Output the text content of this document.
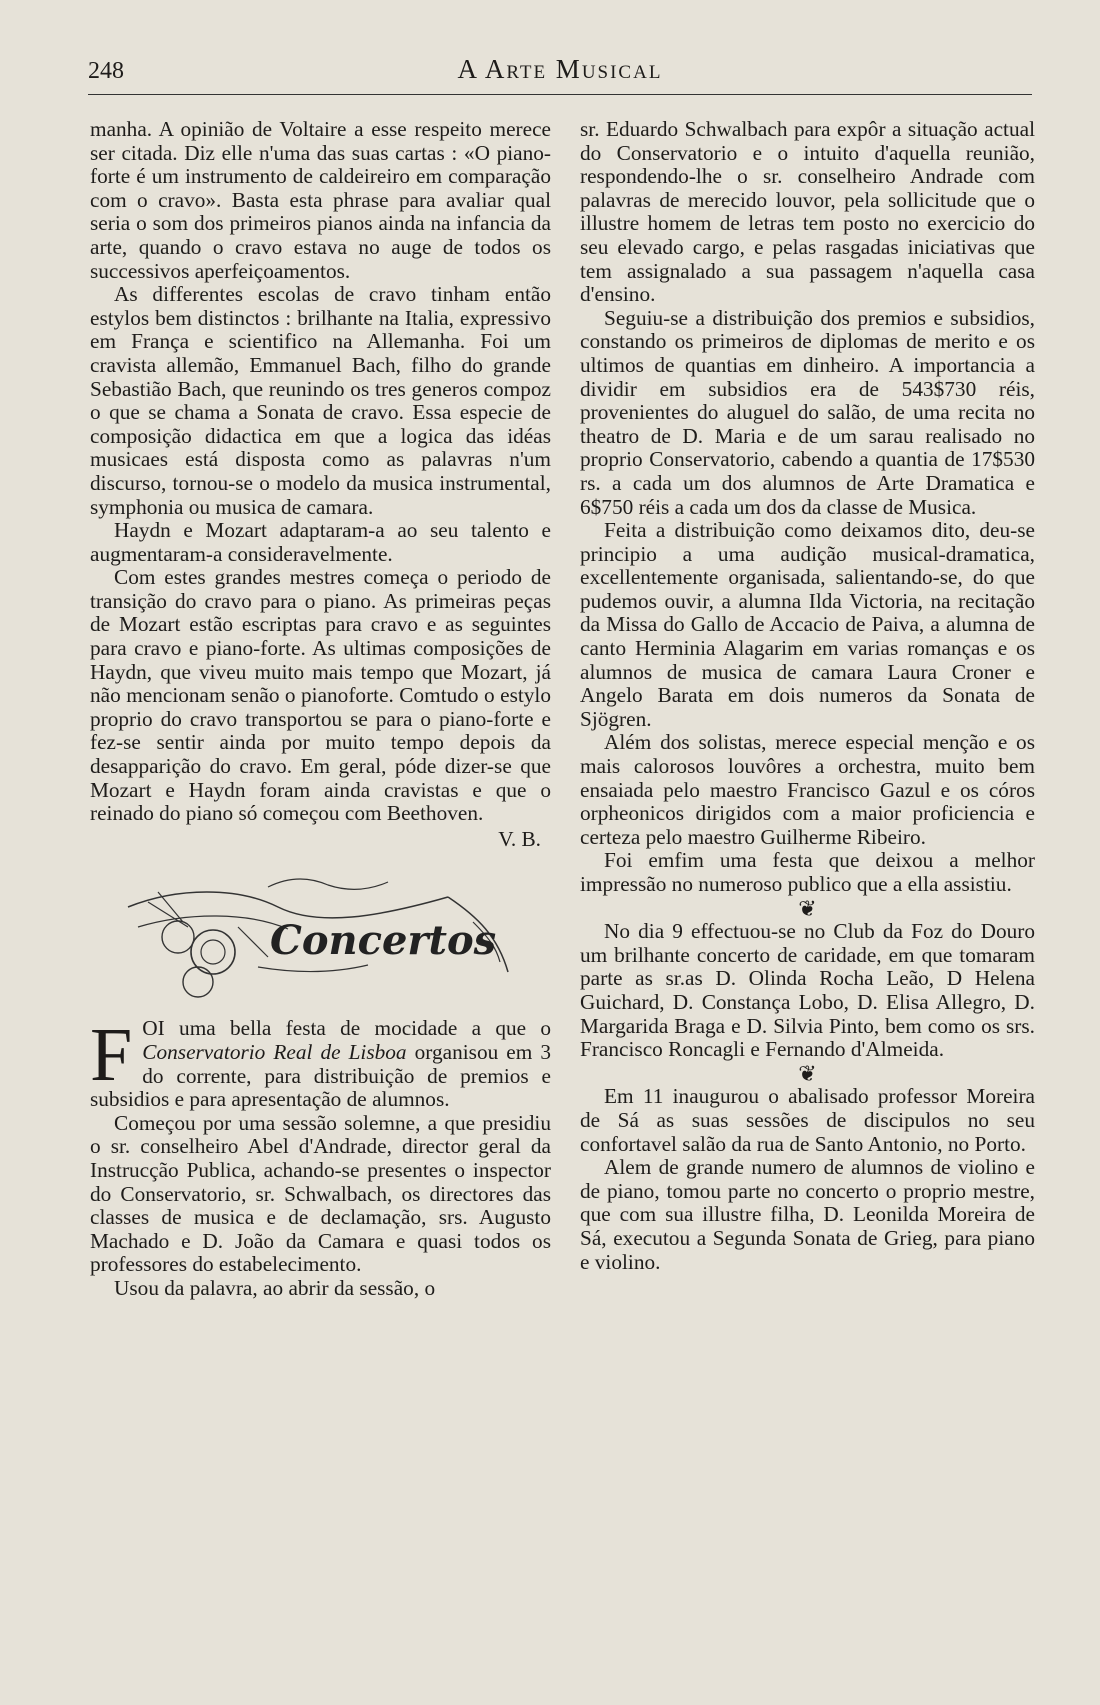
248	A Arte Musical

manha. A opinião de Voltaire a esse respeito merece ser citada. Diz elle n'uma das suas cartas : «O piano-forte é um instrumento de caldeireiro em comparação com o cravo». Basta esta phrase para avaliar qual seria o som dos primeiros pianos ainda na infancia da arte, quando o cravo estava no auge de todos os successivos aperfeiçoamentos.

As differentes escolas de cravo tinham então estylos bem distinctos : brilhante na Italia, expressivo em França e scientifico na Allemanha. Foi um cravista allemão, Emmanuel Bach, filho do grande Sebastião Bach, que reunindo os tres generos compoz o que se chama a Sonata de cravo. Essa especie de composição didactica em que a logica das idéas musicaes está disposta como as palavras n'um discurso, tornou-se o modelo da musica instrumental, symphonia ou musica de camara.

Haydn e Mozart adaptaram-a ao seu talento e augmentaram-a consideravelmente.

Com estes grandes mestres começa o periodo de transição do cravo para o piano. As primeiras peças de Mozart estão escriptas para cravo e as seguintes para cravo e piano-forte. As ultimas composições de Haydn, que viveu muito mais tempo que Mozart, já não mencionam senão o pianoforte. Comtudo o estylo proprio do cravo transportou se para o piano-forte e fez-se sentir ainda por muito tempo depois da desapparição do cravo. Em geral, póde dizer-se que Mozart e Haydn foram ainda cravistas e que o reinado do piano só começou com Beethoven.

V. B.

Concertos

FOI uma bella festa de mocidade a que o Conservatorio Real de Lisboa organisou em 3 do corrente, para distribuição de premios e subsidios e para apresentação de alumnos.

Começou por uma sessão solemne, a que presidiu o sr. conselheiro Abel d'Andrade, director geral da Instrucção Publica, achando-se presentes o inspector do Conservatorio, sr. Schwalbach, os directores das classes de musica e de declamação, srs. Augusto Machado e D. João da Camara e quasi todos os professores do estabelecimento.

Usou da palavra, ao abrir da sessão, o

sr. Eduardo Schwalbach para expôr a situação actual do Conservatorio e o intuito d'aquella reunião, respondendo-lhe o sr. conselheiro Andrade com palavras de merecido louvor, pela sollicitude que o illustre homem de letras tem posto no exercicio do seu elevado cargo, e pelas rasgadas iniciativas que tem assignalado a sua passagem n'aquella casa d'ensino.

Seguiu-se a distribuição dos premios e subsidios, constando os primeiros de diplomas de merito e os ultimos de quantias em dinheiro. A importancia a dividir em subsidios era de 543$730 réis, provenientes do aluguel do salão, de uma recita no theatro de D. Maria e de um sarau realisado no proprio Conservatorio, cabendo a quantia de 17$530 rs. a cada um dos alumnos de Arte Dramatica e 6$750 réis a cada um dos da classe de Musica.

Feita a distribuição como deixamos dito, deu-se principio a uma audição musical-dramatica, excellentemente organisada, salientando-se, do que pudemos ouvir, a alumna Ilda Victoria, na recitação da Missa do Gallo de Accacio de Paiva, a alumna de canto Herminia Alagarim em varias romanças e os alumnos de musica de camara Laura Croner e Angelo Barata em dois numeros da Sonata de Sjögren.

Além dos solistas, merece especial menção e os mais calorosos louvôres a orchestra, muito bem ensaiada pelo maestro Francisco Gazul e os córos orpheonicos dirigidos com a maior proficiencia e certeza pelo maestro Guilherme Ribeiro.

Foi emfim uma festa que deixou a melhor impressão no numeroso publico que a ella assistiu.

❦

No dia 9 effectuou-se no Club da Foz do Douro um brilhante concerto de caridade, em que tomaram parte as sr.as D. Olinda Rocha Leão, D Helena Guichard, D. Constança Lobo, D. Elisa Allegro, D. Margarida Braga e D. Silvia Pinto, bem como os srs. Francisco Roncagli e Fernando d'Almeida.

❦

Em 11 inaugurou o abalisado professor Moreira de Sá as suas sessões de discipulos no seu confortavel salão da rua de Santo Antonio, no Porto.

Alem de grande numero de alumnos de violino e de piano, tomou parte no concerto o proprio mestre, que com sua illustre filha, D. Leonilda Moreira de Sá, executou a Segunda Sonata de Grieg, para piano e violino.
